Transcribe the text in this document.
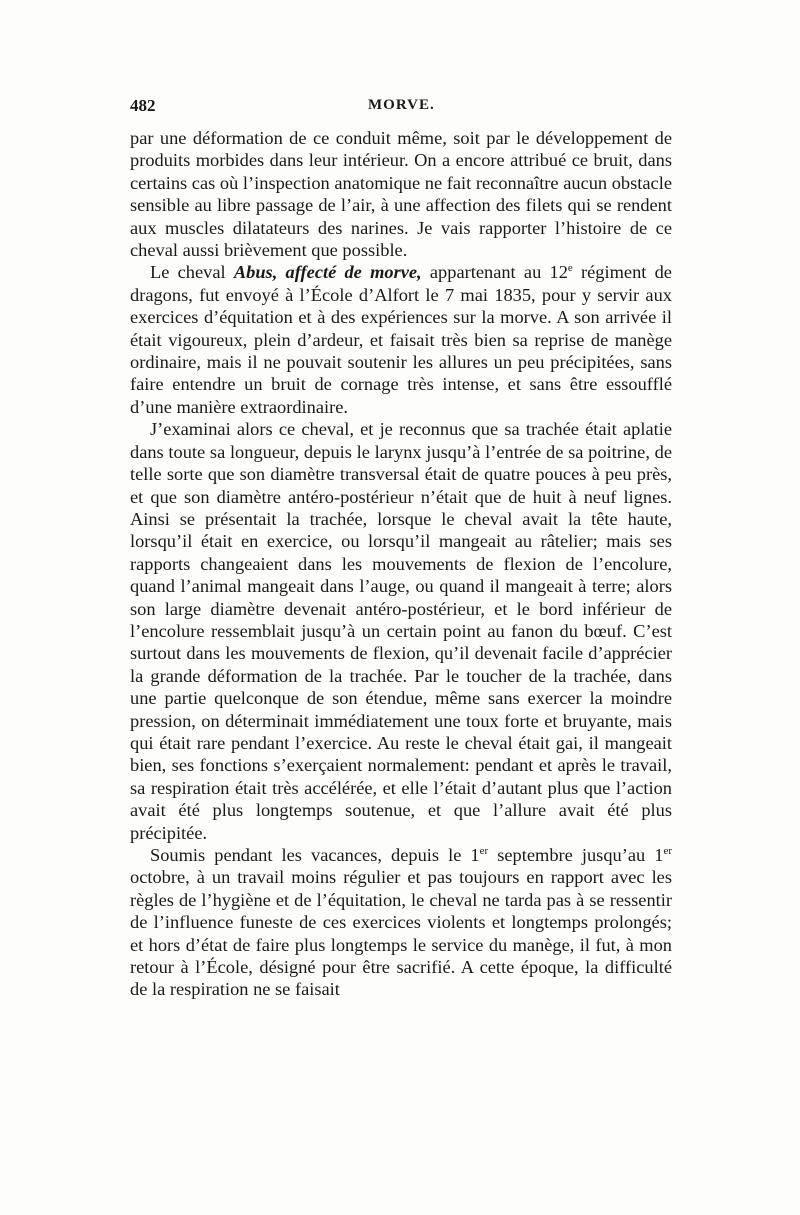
482	MORVE.

par une déformation de ce conduit même, soit par le développement de produits morbides dans leur intérieur. On a encore attribué ce bruit, dans certains cas où l’inspection anatomique ne fait reconnaître aucun obstacle sensible au libre passage de l’air, à une affection des filets qui se rendent aux muscles dilatateurs des narines. Je vais rapporter l’histoire de ce cheval aussi brièvement que possible.

Le cheval Abus, affecté de morve, appartenant au 12e régiment de dragons, fut envoyé à l’École d’Alfort le 7 mai 1835, pour y servir aux exercices d’équitation et à des expériences sur la morve. A son arrivée il était vigoureux, plein d’ardeur, et faisait très bien sa reprise de manège ordinaire, mais il ne pouvait soutenir les allures un peu précipitées, sans faire entendre un bruit de cornage très intense, et sans être essoufflé d’une manière extraordinaire.

J’examinai alors ce cheval, et je reconnus que sa trachée était aplatie dans toute sa longueur, depuis le larynx jusqu’à l’entrée de sa poitrine, de telle sorte que son diamètre transversal était de quatre pouces à peu près, et que son diamètre antéro-postérieur n’était que de huit à neuf lignes. Ainsi se présentait la trachée, lorsque le cheval avait la tête haute, lorsqu’il était en exercice, ou lorsqu’il mangeait au râtelier; mais ses rapports changeaient dans les mouvements de flexion de l’encolure, quand l’animal mangeait dans l’auge, ou quand il mangeait à terre; alors son large diamètre devenait antéro-postérieur, et le bord inférieur de l’encolure ressemblait jusqu’à un certain point au fanon du bœuf. C’est surtout dans les mouvements de flexion, qu’il devenait facile d’apprécier la grande déformation de la trachée. Par le toucher de la trachée, dans une partie quelconque de son étendue, même sans exercer la moindre pression, on déterminait immédiatement une toux forte et bruyante, mais qui était rare pendant l’exercice. Au reste le cheval était gai, il mangeait bien, ses fonctions s’exerçaient normalement: pendant et après le travail, sa respiration était très accélérée, et elle l’était d’autant plus que l’action avait été plus longtemps soutenue, et que l’allure avait été plus précipitée.

Soumis pendant les vacances, depuis le 1er septembre jusqu’au 1er octobre, à un travail moins régulier et pas toujours en rapport avec les règles de l’hygiène et de l’équitation, le cheval ne tarda pas à se ressentir de l’influence funeste de ces exercices violents et longtemps prolongés; et hors d’état de faire plus longtemps le service du manège, il fut, à mon retour à l’École, désigné pour être sacrifié. A cette époque, la difficulté de la respiration ne se faisait
